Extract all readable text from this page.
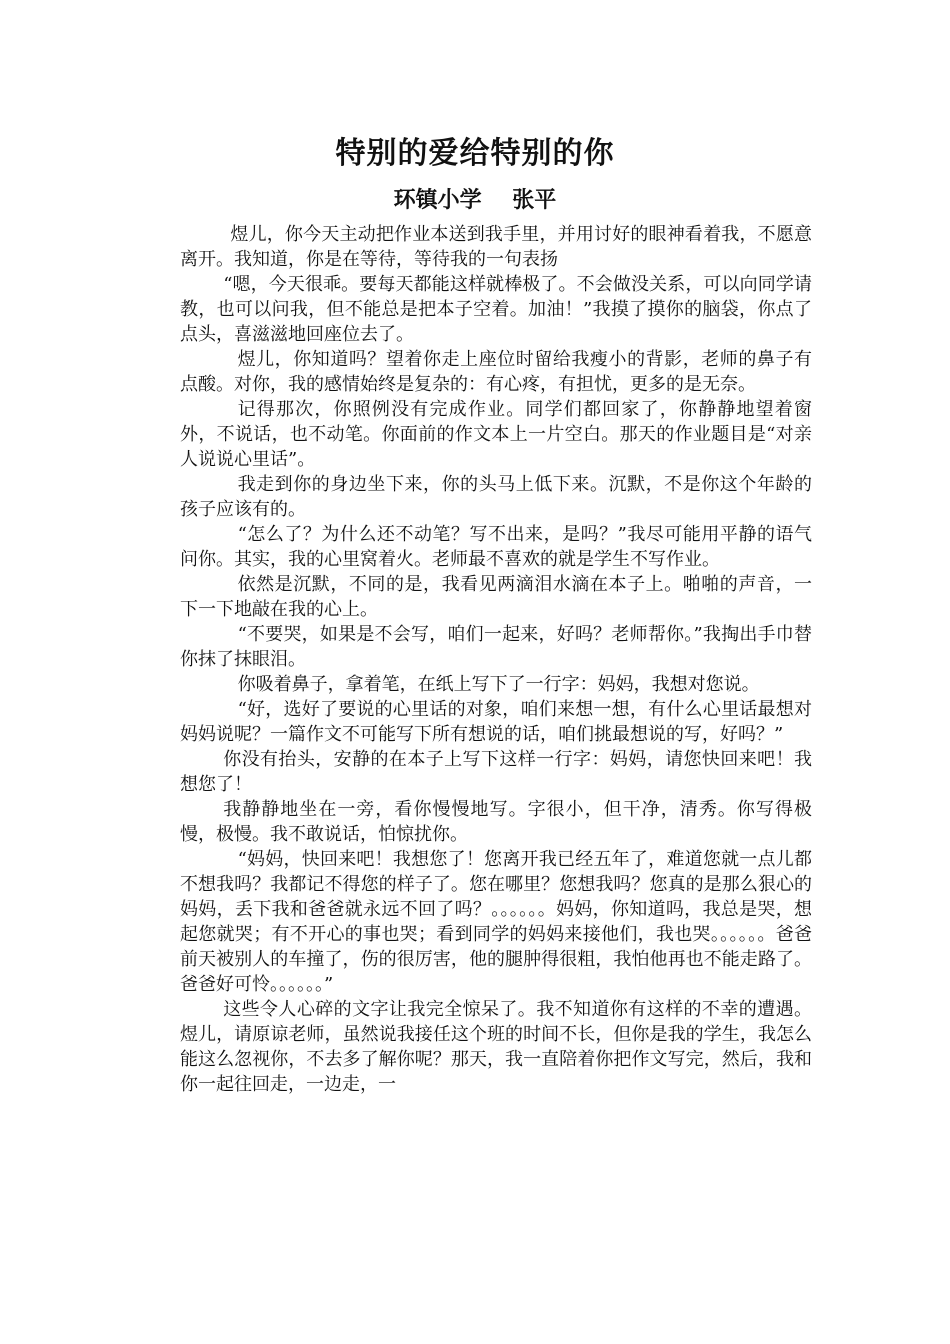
特别的爱给特别的你
环镇小学    张平

煜儿，你今天主动把作业本送到我手里，并用讨好的眼神看着我，不愿意离开。我知道，你是在等待，等待我的一句表扬

“嗯，今天很乖。要每天都能这样就棒极了。不会做没关系，可以向同学请教，也可以问我，但不能总是把本子空着。加油！”我摸了摸你的脑袋，你点了点头，喜滋滋地回座位去了。

煜儿，你知道吗？望着你走上座位时留给我瘦小的背影，老师的鼻子有点酸。对你，我的感情始终是复杂的：有心疼，有担忧，更多的是无奈。

记得那次，你照例没有完成作业。同学们都回家了，你静静地望着窗外，不说话，也不动笔。你面前的作文本上一片空白。那天的作业题目是“对亲人说说心里话”。

我走到你的身边坐下来，你的头马上低下来。沉默，不是你这个年龄的孩子应该有的。

“怎么了？为什么还不动笔？写不出来，是吗？”我尽可能用平静的语气问你。其实，我的心里窝着火。老师最不喜欢的就是学生不写作业。

依然是沉默，不同的是，我看见两滴泪水滴在本子上。啪啪的声音，一下一下地敲在我的心上。

“不要哭，如果是不会写，咱们一起来，好吗？老师帮你。”我掏出手巾替你抹了抹眼泪。

你吸着鼻子，拿着笔，在纸上写下了一行字：妈妈，我想对您说。

“好，选好了要说的心里话的对象，咱们来想一想，有什么心里话最想对妈妈说呢？一篇作文不可能写下所有想说的话，咱们挑最想说的写，好吗？”

你没有抬头，安静的在本子上写下这样一行字：妈妈，请您快回来吧！我想您了！

我静静地坐在一旁，看你慢慢地写。字很小，但干净，清秀。你写得极慢，极慢。我不敢说话，怕惊扰你。

“妈妈，快回来吧！我想您了！您离开我已经五年了，难道您就一点儿都不想我吗？我都记不得您的样子了。您在哪里？您想我吗？您真的是那么狠心的妈妈，丢下我和爸爸就永远不回了吗？。。。。。。妈妈，你知道吗，我总是哭，想起您就哭；有不开心的事也哭；看到同学的妈妈来接他们，我也哭。。。。。。爸爸前天被别人的车撞了，伤的很厉害，他的腿肿得很粗，我怕他再也不能走路了。爸爸好可怜。。。。。。”

这些令人心碎的文字让我完全惊呆了。我不知道你有这样的不幸的遭遇。煜儿，请原谅老师，虽然说我接任这个班的时间不长，但你是我的学生，我怎么能这么忽视你，不去多了解你呢？那天，我一直陪着你把作文写完，然后，我和你一起往回走，一边走，一
